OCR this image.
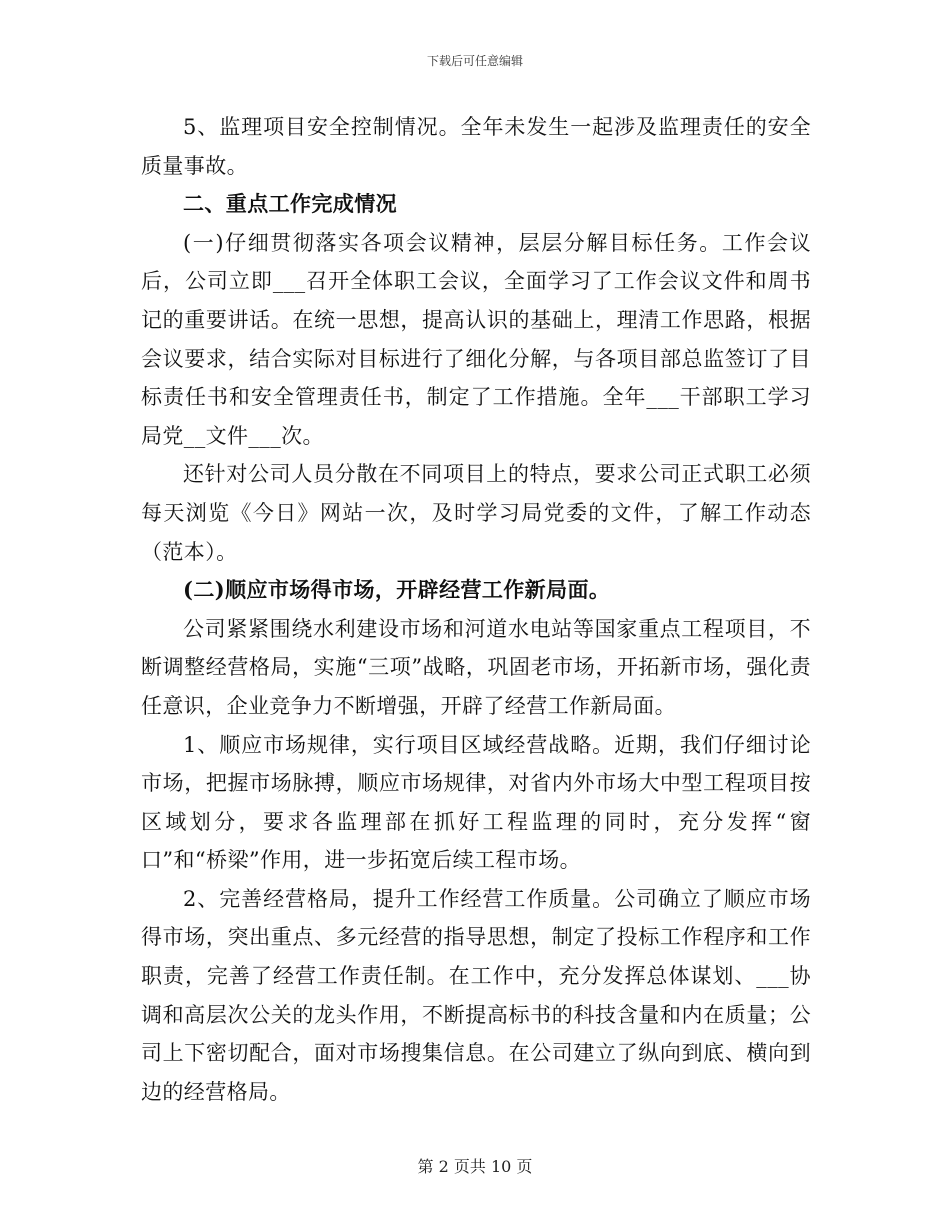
下载后可任意编辑

5、监理项目安全控制情况。全年未发生一起涉及监理责任的安全质量事故。

二、重点工作完成情况

(一)仔细贯彻落实各项会议精神，层层分解目标任务。工作会议后，公司立即___召开全体职工会议，全面学习了工作会议文件和周书记的重要讲话。在统一思想，提高认识的基础上，理清工作思路，根据会议要求，结合实际对目标进行了细化分解，与各项目部总监签订了目标责任书和安全管理责任书，制定了工作措施。全年___干部职工学习局党__文件___次。

还针对公司人员分散在不同项目上的特点，要求公司正式职工必须每天浏览《今日》网站一次，及时学习局党委的文件，了解工作动态（范本）。

(二)顺应市场得市场，开辟经营工作新局面。

公司紧紧围绕水利建设市场和河道水电站等国家重点工程项目，不断调整经营格局，实施“三项”战略，巩固老市场，开拓新市场，强化责任意识，企业竞争力不断增强，开辟了经营工作新局面。

1、顺应市场规律，实行项目区域经营战略。近期，我们仔细讨论市场，把握市场脉搏，顺应市场规律，对省内外市场大中型工程项目按区域划分，要求各监理部在抓好工程监理的同时，充分发挥“窗口”和“桥梁”作用，进一步拓宽后续工程市场。

2、完善经营格局，提升工作经营工作质量。公司确立了顺应市场得市场，突出重点、多元经营的指导思想，制定了投标工作程序和工作职责，完善了经营工作责任制。在工作中，充分发挥总体谋划、___协调和高层次公关的龙头作用，不断提高标书的科技含量和内在质量；公司上下密切配合，面对市场搜集信息。在公司建立了纵向到底、横向到边的经营格局。

第 2 页共 10 页
